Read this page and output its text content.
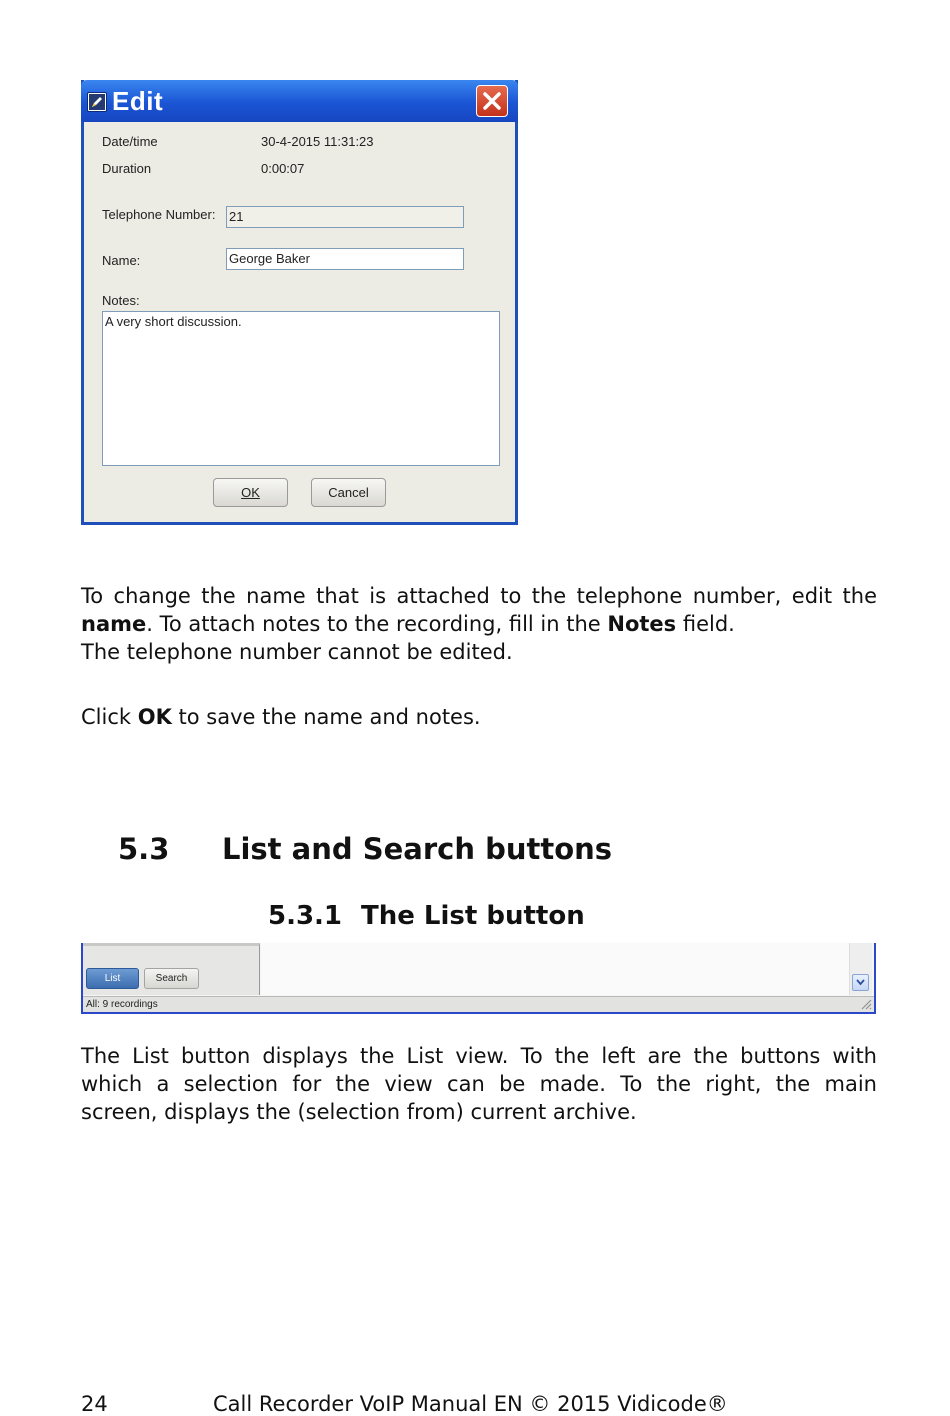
Edit
Date/time	30-4-2015 11:31:23
Duration	0:00:07
Telephone Number: 21
Name:	George Baker
Notes:
A very short discussion.
OK	Cancel
To change the name that is attached to the telephone number, edit the
name. To attach notes to the recording, fill in the Notes field.
The telephone number cannot be edited.
Click OK to save the name and notes.
5.3 List and Search buttons
5.3.1 The List button
List	Search
All: 9 recordings
The List button displays the List view. To the left are the buttons with
which a selection for the view can be made. To the right, the main
screen, displays the (selection from) current archive.
24	Call Recorder VoIP Manual EN © 2015 Vidicode®
